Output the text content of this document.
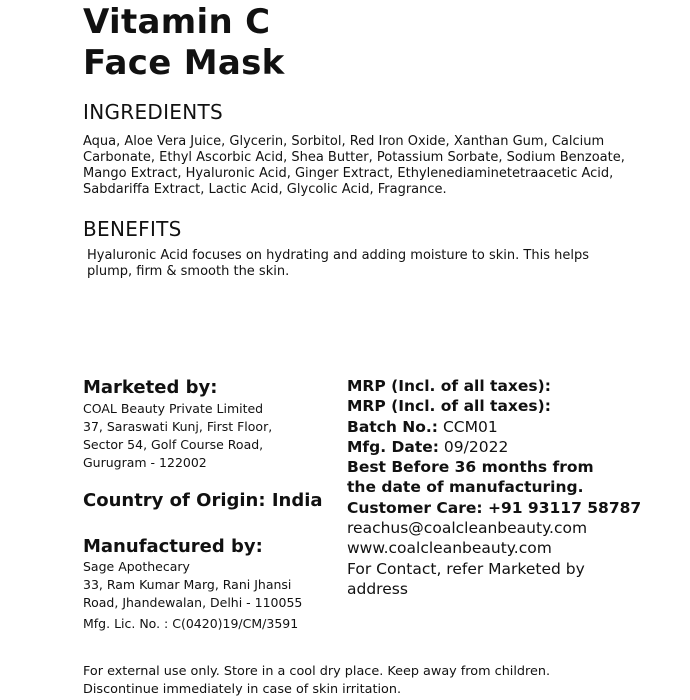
Vitamin C
Face Mask
INGREDIENTS
Aqua, Aloe Vera Juice, Glycerin, Sorbitol, Red Iron Oxide, Xanthan Gum, Calcium Carbonate, Ethyl Ascorbic Acid, Shea Butter, Potassium Sorbate, Sodium Benzoate, Mango Extract, Hyaluronic Acid, Ginger Extract, Ethylenediaminetetraacetic Acid, Sabdariffa Extract, Lactic Acid, Glycolic Acid, Fragrance.
BENEFITS
Hyaluronic Acid focuses on hydrating and adding moisture to skin. This helps plump, firm & smooth the skin.
Marketed by:
COAL Beauty Private Limited
37, Saraswati Kunj, First Floor,
Sector 54, Golf Course Road,
Gurugram - 122002
Country of Origin: India
Manufactured by:
Sage Apothecary
33, Ram Kumar Marg, Rani Jhansi
Road, Jhandewalan, Delhi - 110055
Mfg. Lic. No. : C(0420)19/CM/3591
MRP (Incl. of all taxes):
MRP (Incl. of all taxes):
Batch No.: CCM01
Mfg. Date: 09/2022
Best Before 36 months from
the date of manufacturing.
Customer Care: +91 93117 58787
reachus@coalcleanbeauty.com
www.coalcleanbeauty.com
For Contact, refer Marketed by
address
For external use only. Store in a cool dry place. Keep away from children.
Discontinue immediately in case of skin irritation.
